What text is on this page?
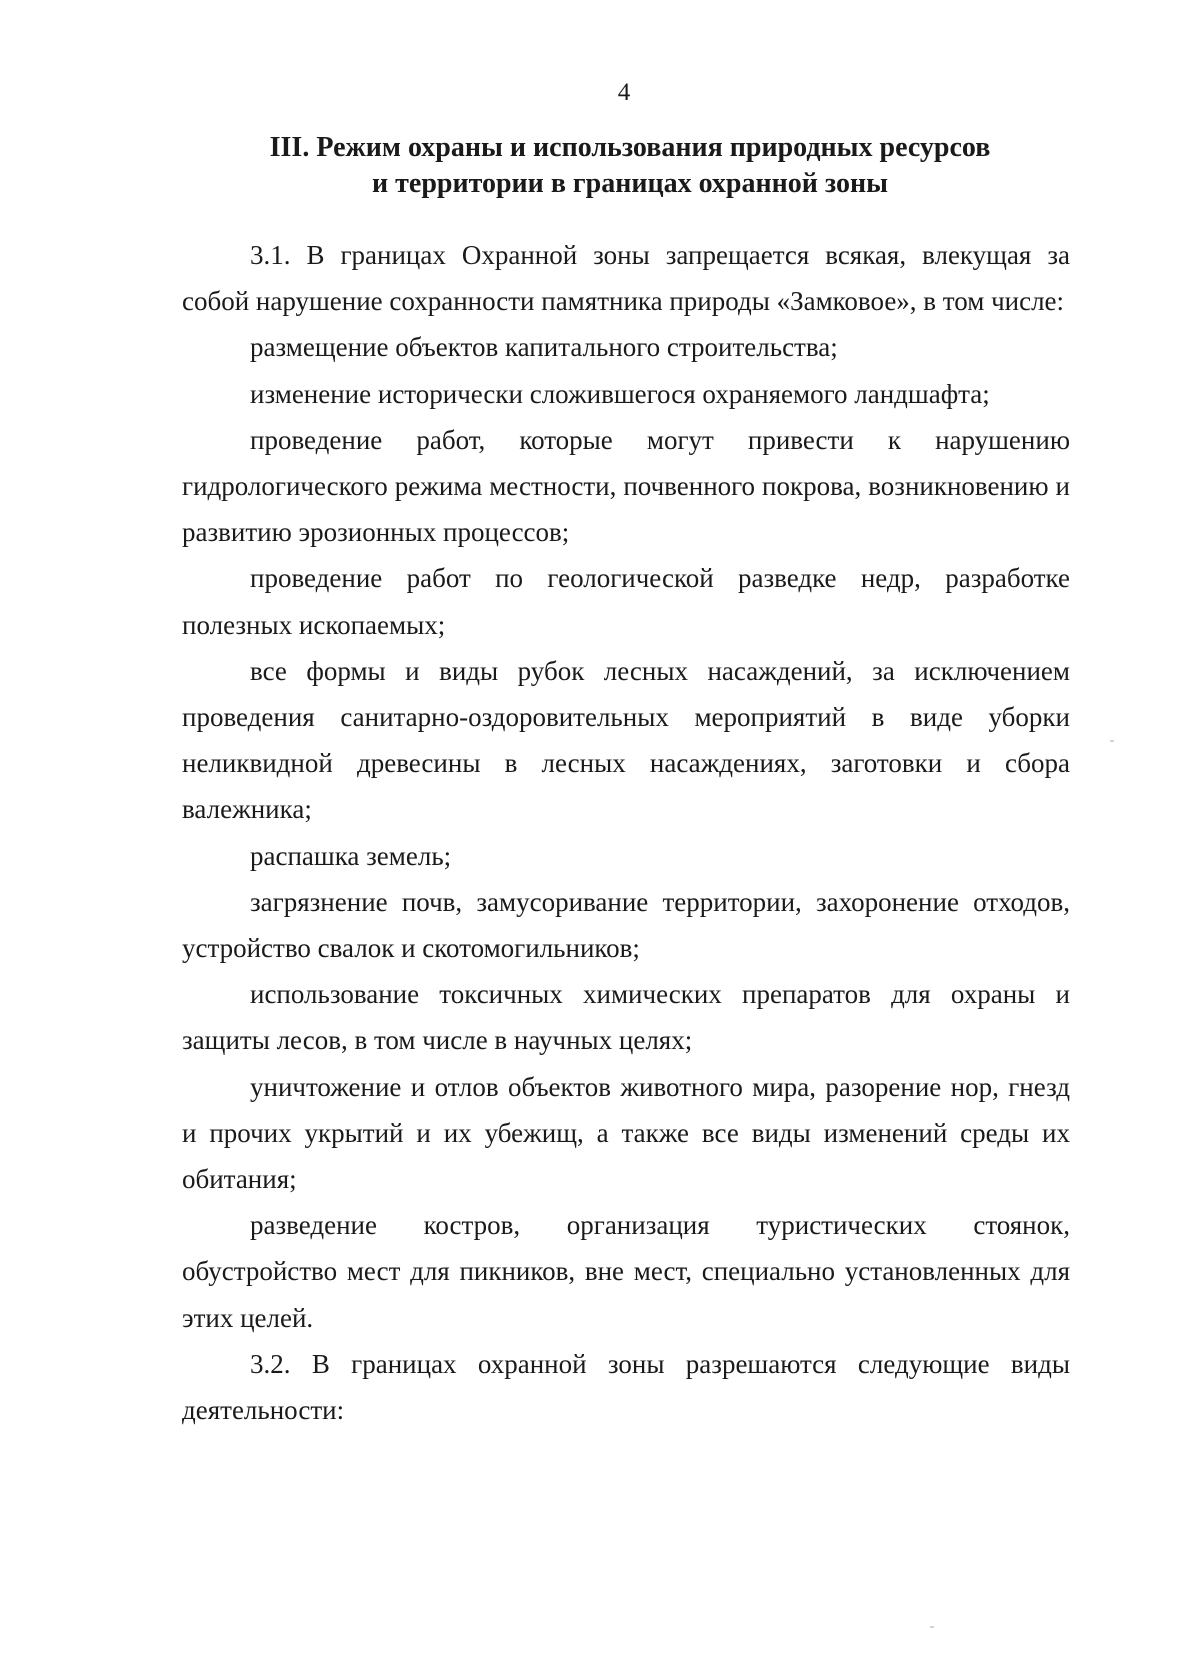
4
III. Режим охраны и использования природных ресурсов
и территории в границах охранной зоны

3.1. В границах Охранной зоны запрещается всякая, влекущая за собой нарушение сохранности памятника природы «Замковое», в том числе:

размещение объектов капитального строительства;

изменение исторически сложившегося охраняемого ландшафта;

проведение работ, которые могут привести к нарушению гидрологического режима местности, почвенного покрова, возникновению и развитию эрозионных процессов;

проведение работ по геологической разведке недр, разработке полезных ископаемых;

все формы и виды рубок лесных насаждений, за исключением проведения санитарно-оздоровительных мероприятий в виде уборки неликвидной древесины в лесных насаждениях, заготовки и сбора валежника;

распашка земель;

загрязнение почв, замусоривание территории, захоронение отходов, устройство свалок и скотомогильников;

использование токсичных химических препаратов для охраны и защиты лесов, в том числе в научных целях;

уничтожение и отлов объектов животного мира, разорение нор, гнезд и прочих укрытий и их убежищ, а также все виды изменений среды их обитания;

разведение костров, организация туристических стоянок, обустройство мест для пикников, вне мест, специально установленных для этих целей.

3.2. В границах охранной зоны разрешаются следующие виды деятельности:
